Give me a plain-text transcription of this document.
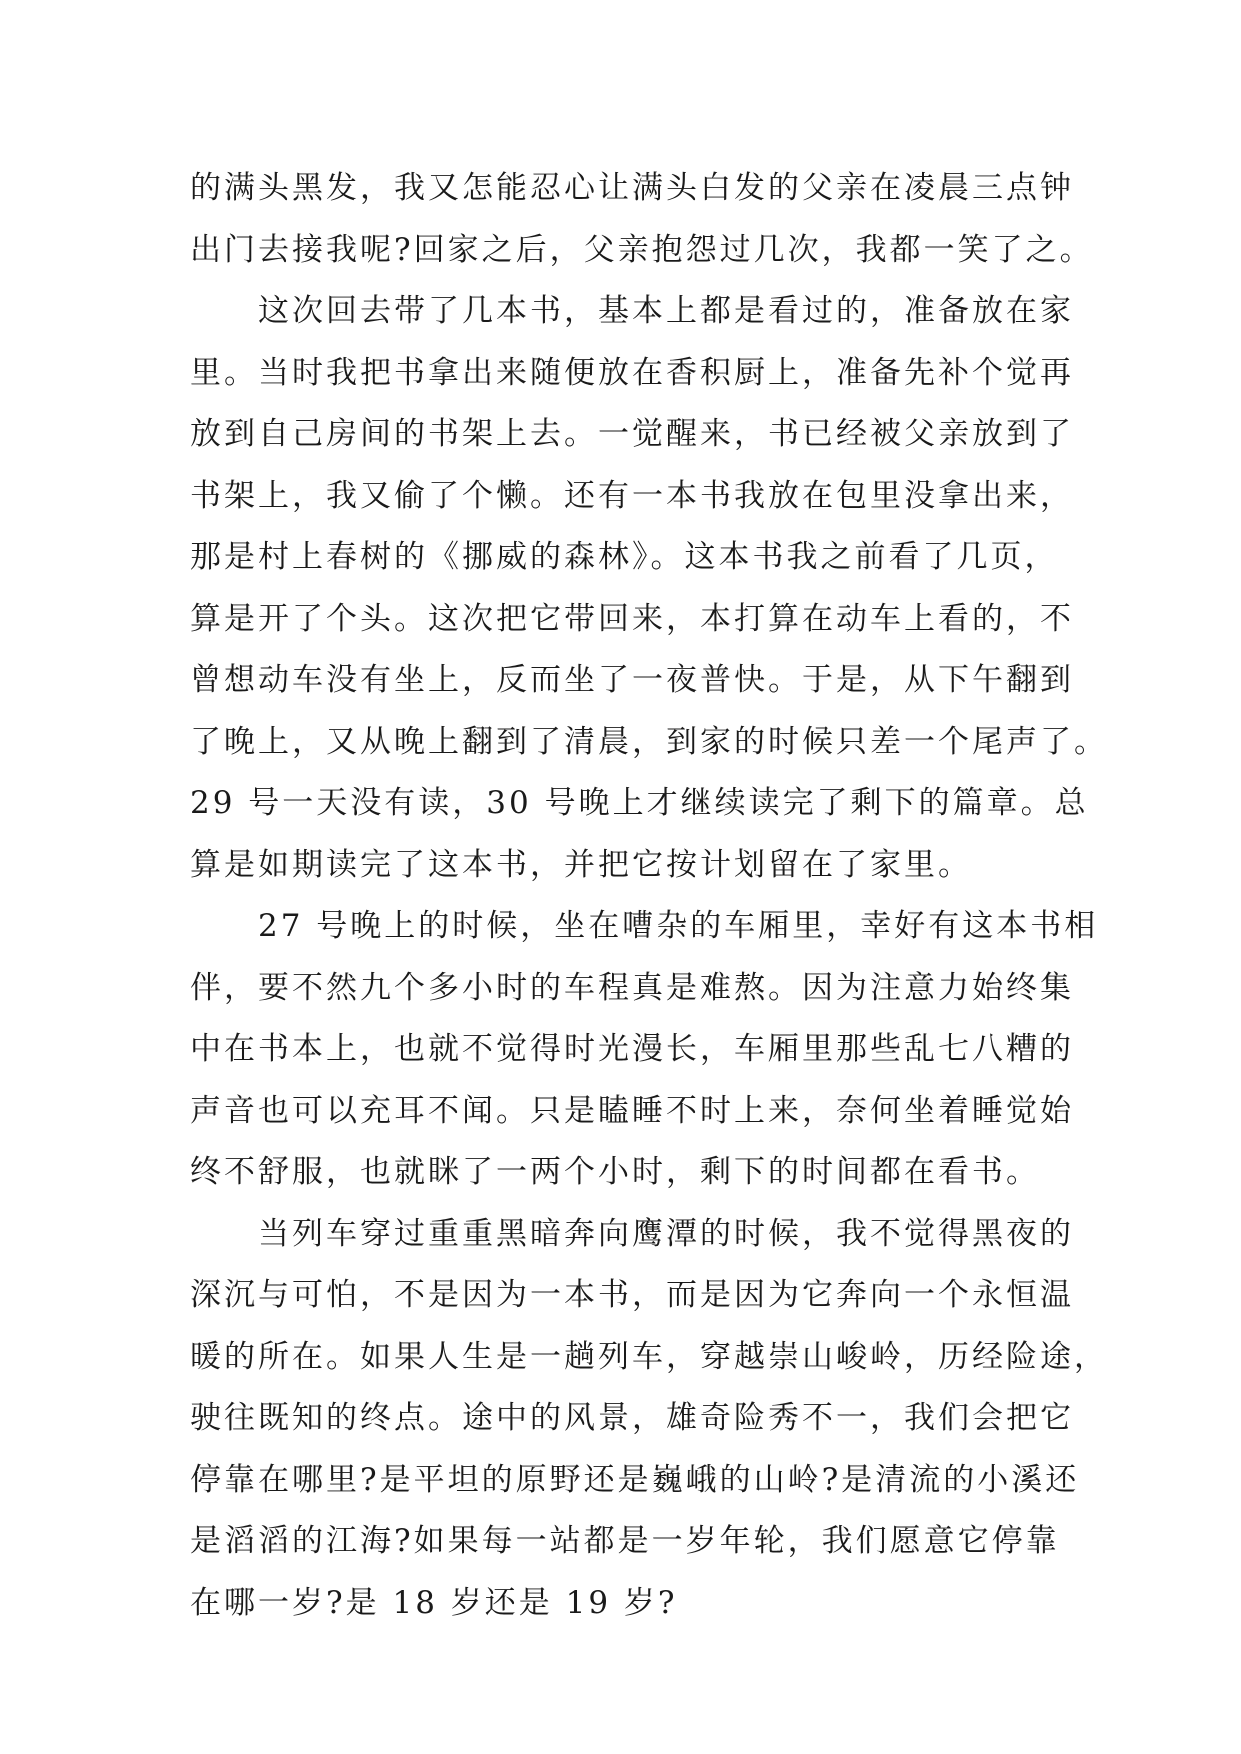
的满头黑发，我又怎能忍心让满头白发的父亲在凌晨三点钟
出门去接我呢?回家之后，父亲抱怨过几次，我都一笑了之。
这次回去带了几本书，基本上都是看过的，准备放在家
里。当时我把书拿出来随便放在香积厨上，准备先补个觉再
放到自己房间的书架上去。一觉醒来，书已经被父亲放到了
书架上，我又偷了个懒。还有一本书我放在包里没拿出来，
那是村上春树的《挪威的森林》。这本书我之前看了几页，
算是开了个头。这次把它带回来，本打算在动车上看的，不
曾想动车没有坐上，反而坐了一夜普快。于是，从下午翻到
了晚上，又从晚上翻到了清晨，到家的时候只差一个尾声了。
29 号一天没有读，30 号晚上才继续读完了剩下的篇章。总
算是如期读完了这本书，并把它按计划留在了家里。
27 号晚上的时候，坐在嘈杂的车厢里，幸好有这本书相
伴，要不然九个多小时的车程真是难熬。因为注意力始终集
中在书本上，也就不觉得时光漫长，车厢里那些乱七八糟的
声音也可以充耳不闻。只是瞌睡不时上来，奈何坐着睡觉始
终不舒服，也就眯了一两个小时，剩下的时间都在看书。
当列车穿过重重黑暗奔向鹰潭的时候，我不觉得黑夜的
深沉与可怕，不是因为一本书，而是因为它奔向一个永恒温
暖的所在。如果人生是一趟列车，穿越崇山峻岭，历经险途，
驶往既知的终点。途中的风景，雄奇险秀不一，我们会把它
停靠在哪里?是平坦的原野还是巍峨的山岭?是清流的小溪还
是滔滔的江海?如果每一站都是一岁年轮，我们愿意它停靠
在哪一岁?是 18 岁还是 19 岁?
